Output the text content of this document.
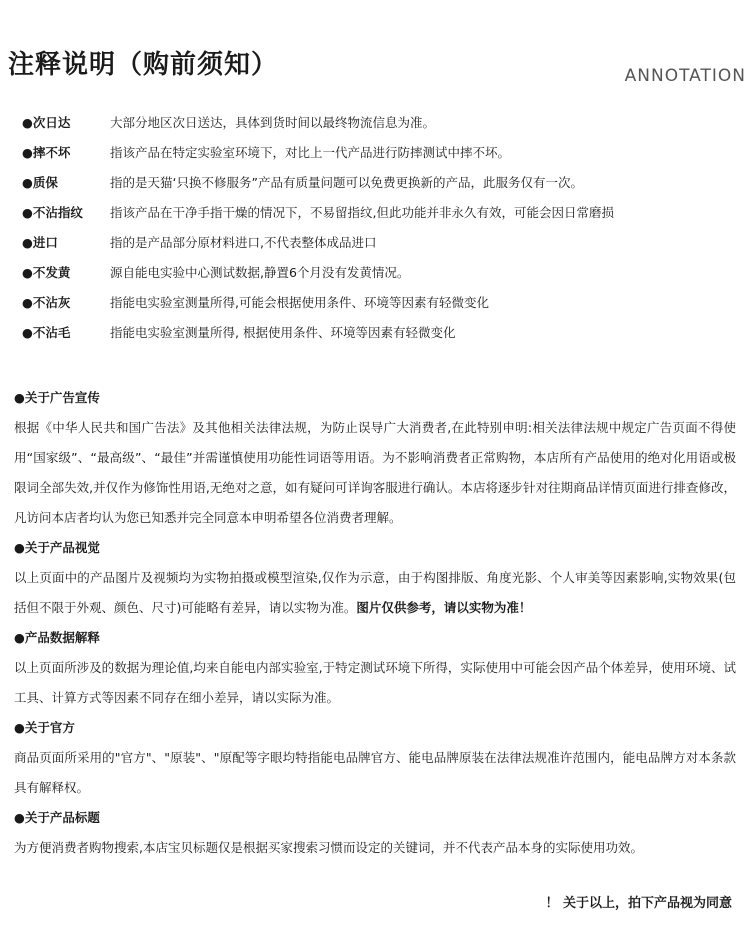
注释说明（购前须知）	ANNOTATION
●次日达	大部分地区次日送达，具体到货时间以最终物流信息为准。
●摔不坏	指该产品在特定实验室环境下，对比上一代产品进行防摔测试中摔不坏。
●质保	指的是天猫‘只换不修服务”产品有质量问题可以免费更换新的产品，此服务仅有一次。
●不沾指纹	指该产品在干净手指干燥的情况下，不易留指纹,但此功能并非永久有效，可能会因日常磨损
●进口	指的是产品部分原材料进口,不代表整体成品进口
●不发黄	源自能电实验中心测试数据,静置6个月没有发黄情况。
●不沾灰	指能电实验室测量所得,可能会根据使用条件、环境等因素有轻微变化
●不沾毛	指能电实验室测量所得, 根据使用条件、环境等因素有轻微变化
●关于广告宣传

根据《中华人民共和国广告法》及其他相关法律法规，为防止误导广大消费者,在此特别申明:相关法律法规中规定广告页面不得使用“国家级”、“最高级”、“最佳”并需谨慎使用功能性词语等用语。为不影响消费者正常购物，本店所有产品使用的绝对化用语或极限词全部失效,并仅作为修饰性用语,无绝对之意，如有疑问可详询客服进行确认。本店将逐步针对往期商品详情页面进行排查修改，凡访问本店者均认为您已知悉并完全同意本申明希望各位消费者理解。

●关于产品视觉

以上页面中的产品图片及视频均为实物拍摄或模型渲染,仅作为示意，由于构图排版、角度光影、个人审美等因素影响,实物效果(包括但不限于外观、颜色、尺寸)可能略有差异，请以实物为准。图片仅供参考，请以实物为准！

●产品数据解释

以上页面所涉及的数据为理论值,均来自能电内部实验室,于特定测试环境下所得，实际使用中可能会因产品个体差异，使用环境、试工具、计算方式等因素不同存在细小差异，请以实际为准。

●关于官方

商品页面所采用的"官方"、"原装"、"原配等字眼均特指能电品牌官方、能电品牌原装在法律法规准许范围内，能电品牌方对本条款具有解释权。

●关于产品标题

为方便消费者购物搜索,本店宝贝标题仅是根据买家搜索习惯而设定的关键词，并不代表产品本身的实际使用功效。

！ 关于以上，拍下产品视为同意
